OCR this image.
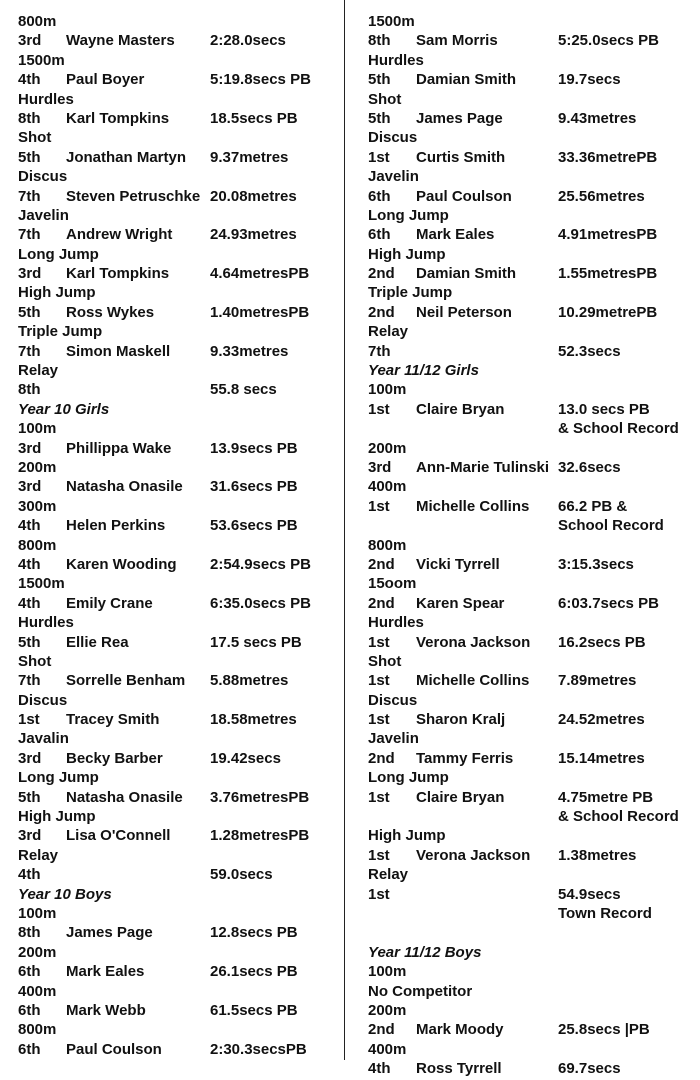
800m
3rd Wayne Masters 2:28.0secs
1500m
4th Paul Boyer	5:19.8secs PB
Hurdles
8th Karl Tompkins	18.5secs PB
Shot
5th Jonathan Martyn 9.37metres
Discus
7th Steven Petruschke 20.08metres
Javelin
7th Andrew Wright	24.93metres
Long Jump
3rd Karl Tompkins	4.64metresPB
High Jump
5th Ross Wykes	1.40metresPB
Triple Jump
7th Simon Maskell	9.33metres
Relay
8th	55.8 secs
Year 10 Girls
100m
3rd Phillippa Wake	13.9secs PB
200m
3rd Natasha Onasile 31.6secs PB
300m
4th Helen Perkins	53.6secs PB
800m
4th Karen Wooding 2:54.9secs PB
1500m
4th Emily Crane	6:35.0secs PB
Hurdles
5th Ellie Rea	17.5 secs PB
Shot
7th Sorrelle Benham 5.88metres
Discus
1st Tracey Smith	18.58metres
Javalin
3rd Becky Barber	19.42secs
Long Jump
5th Natasha Onasile 3.76metresPB
High Jump
3rd Lisa O'Connell	1.28metresPB
Relay
4th	59.0secs
Year 10 Boys
100m
8th James Page	12.8secs PB
200m
6th Mark Eales	26.1secs PB
400m
6th Mark Webb	61.5secs PB
800m
6th Paul Coulson	2:30.3secsPB
1500m
8th Sam Morris	5:25.0secs PB
Hurdles
5th Damian Smith	19.7secs
Shot
5th James Page	9.43metres
Discus
1st Curtis Smith	33.36metrePB
Javelin
6th Paul Coulson	25.56metres
Long Jump
6th Mark Eales	4.91metresPB
High Jump
2nd Damian Smith	1.55metresPB
Triple Jump
2nd Neil Peterson	10.29metrePB
Relay
7th	52.3secs
Year 11/12 Girls
100m
1st Claire Bryan	13.0 secs PB
& School Record
200m
3rd Ann-Marie Tulinski 32.6secs
400m
1st Michelle Collins 66.2 PB &
School Record
800m
2nd Vicki Tyrrell	3:15.3secs
15oom
2nd Karen Spear	6:03.7secs PB
Hurdles
1st Verona Jackson 16.2secs PB
Shot
1st Michelle Collins 7.89metres
Discus
1st Sharon Kralj	24.52metres
Javelin
2nd Tammy Ferris	15.14metres
Long Jump
1st Claire Bryan	4.75metre PB
& School Record
High Jump
1st Verona Jackson 1.38metres
Relay
1st	54.9secs
Town Record
Year 11/12 Boys
100m
No Competitor
200m
2nd Mark Moody	25.8secs |PB
400m
4th Ross Tyrrell	69.7secs
